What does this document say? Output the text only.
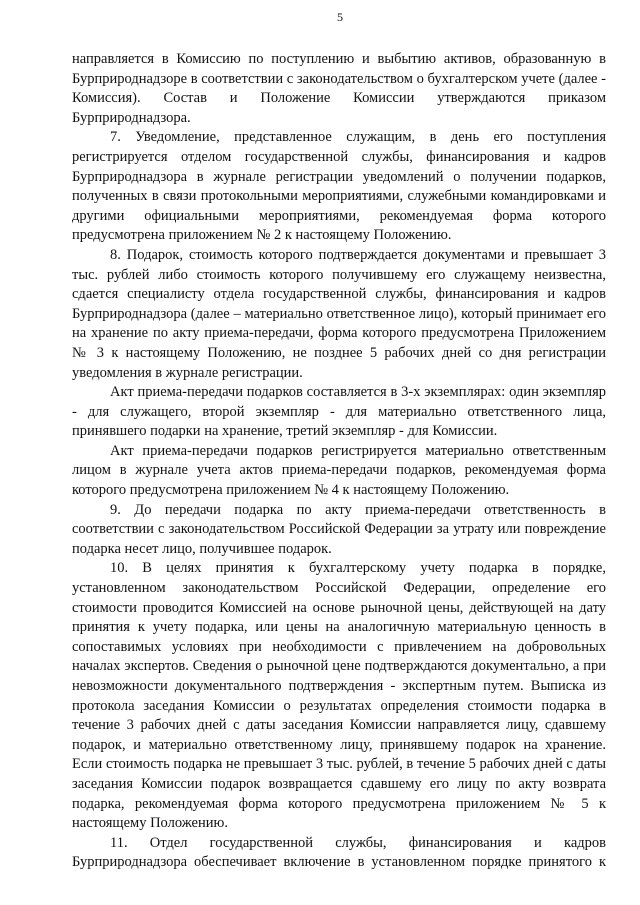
5

направляется в Комиссию по поступлению и выбытию активов, образованную в Бурприроднадзоре в соответствии с законодательством о бухгалтерском учете (далее - Комиссия). Состав и Положение Комиссии утверждаются приказом Бурприроднадзора.

7. Уведомление, представленное служащим, в день его поступления регистрируется отделом государственной службы, финансирования и кадров Бурприроднадзора в журнале регистрации уведомлений о получении подарков, полученных в связи протокольными мероприятиями, служебными командировками и другими официальными мероприятиями, рекомендуемая форма которого предусмотрена приложением № 2 к настоящему Положению.

8. Подарок, стоимость которого подтверждается документами и превышает 3 тыс. рублей либо стоимость которого получившему его служащему неизвестна, сдается специалисту отдела государственной службы, финансирования и кадров Бурприроднадзора (далее – материально ответственное лицо), который принимает его на хранение по акту приема-передачи, форма которого предусмотрена Приложением № 3 к настоящему Положению, не позднее 5 рабочих дней со дня регистрации уведомления в журнале регистрации.

Акт приема-передачи подарков составляется в 3-х экземплярах: один экземпляр - для служащего, второй экземпляр - для материально ответственного лица, принявшего подарки на хранение, третий экземпляр - для Комиссии.

Акт приема-передачи подарков регистрируется материально ответственным лицом в журнале учета актов приема-передачи подарков, рекомендуемая форма которого предусмотрена приложением № 4 к настоящему Положению.

9. До передачи подарка по акту приема-передачи ответственность в соответствии с законодательством Российской Федерации за утрату или повреждение подарка несет лицо, получившее подарок.

10. В целях принятия к бухгалтерскому учету подарка в порядке, установленном законодательством Российской Федерации, определение его стоимости проводится Комиссией на основе рыночной цены, действующей на дату принятия к учету подарка, или цены на аналогичную материальную ценность в сопоставимых условиях при необходимости с привлечением на добровольных началах экспертов. Сведения о рыночной цене подтверждаются документально, а при невозможности документального подтверждения - экспертным путем. Выписка из протокола заседания Комиссии о результатах определения стоимости подарка в течение 3 рабочих дней с даты заседания Комиссии направляется лицу, сдавшему подарок, и материально ответственному лицу, принявшему подарок на хранение. Если стоимость подарка не превышает 3 тыс. рублей, в течение 5 рабочих дней с даты заседания Комиссии подарок возвращается сдавшему его лицу по акту возврата подарка, рекомендуемая форма которого предусмотрена приложением № 5 к настоящему Положению.

11. Отдел государственной службы, финансирования и кадров Бурприроднадзора обеспечивает включение в установленном порядке принятого к
